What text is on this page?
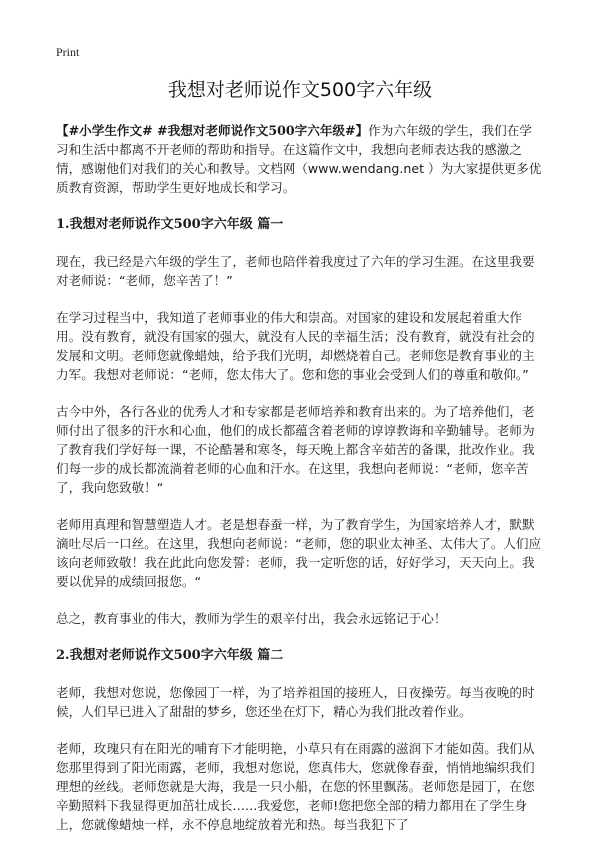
Print
我想对老师说作文500字六年级

【#小学生作文# #我想对老师说作文500字六年级#】作为六年级的学生，我们在学习和生活中都离不开老师的帮助和指导。在这篇作文中，我想向老师表达我的感激之情，感谢他们对我们的关心和教导。文档网（www.wendang.net ）为大家提供更多优质教育资源，帮助学生更好地成长和学习。

1.我想对老师说作文500字六年级 篇一

现在，我已经是六年级的学生了，老师也陪伴着我度过了六年的学习生涯。在这里我要对老师说：“老师，您辛苦了！”

在学习过程当中，我知道了老师事业的伟大和崇高。对国家的建设和发展起着重大作用。没有教育，就没有国家的强大，就没有人民的幸福生活；没有教育，就没有社会的发展和文明。老师您就像蜡烛，给予我们光明，却燃烧着自己。老师您是教育事业的主力军。我想对老师说：“老师，您太伟大了。您和您的事业会受到人们的尊重和敬仰。”

古今中外，各行各业的优秀人才和专家都是老师培养和教育出来的。为了培养他们，老师付出了很多的汗水和心血，他们的成长都蕴含着老师的谆谆教诲和辛勤辅导。老师为了教育我们学好每一课，不论酷暑和寒冬，每天晚上都含辛茹苦的备课，批改作业。我们每一步的成长都流淌着老师的心血和汗水。在这里，我想向老师说：“老师，您辛苦了，我向您致敬！“

老师用真理和智慧塑造人才。老是想春蚕一样，为了教育学生，为国家培养人才，默默滴吐尽后一口丝。在这里，我想向老师说：“老师，您的职业太神圣、太伟大了。人们应该向老师致敬！我在此此向您发誓：老师，我一定听您的话，好好学习，天天向上。我要以优异的成绩回报您。“

总之，教育事业的伟大，教师为学生的艰辛付出，我会永远铭记于心！

2.我想对老师说作文500字六年级 篇二

老师，我想对您说，您像园丁一样，为了培养祖国的接班人，日夜操劳。每当夜晚的时候，人们早已进入了甜甜的梦乡，您还坐在灯下，精心为我们批改着作业。

老师，玫瑰只有在阳光的哺育下才能明艳，小草只有在雨露的滋润下才能如茵。我们从您那里得到了阳光雨露，老师，我想对您说，您真伟大，您就像春蚕，悄悄地编织我们理想的丝线。老师您就是大海，我是一只小船，在您的怀里飘荡。老师您是园丁，在您辛勤照料下我显得更加茁壮成长……我爱您，老师!您把您全部的精力都用在了学生身上，您就像蜡烛一样，永不停息地绽放着光和热。每当我犯下了
